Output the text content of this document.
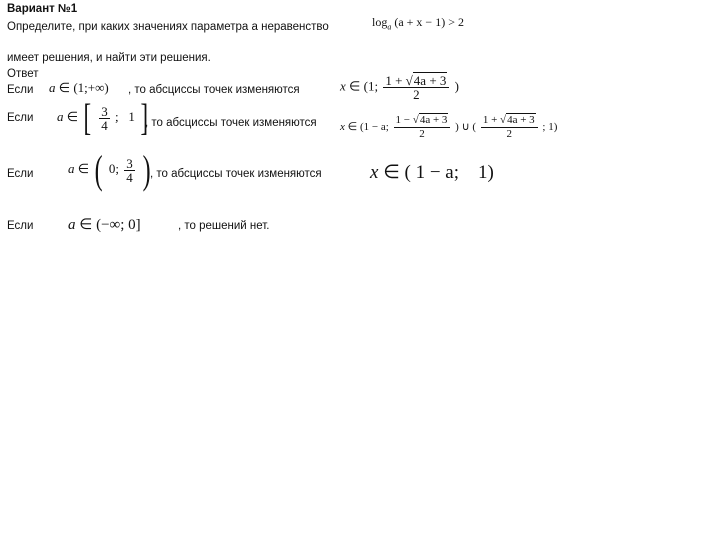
Вариант №1
Определите, при каких значениях параметра а неравенство	$\log_a (a + x - 1) > 2$
имеет решения, и найти эти решения.
Ответ
Если a ∈ (1;+∞) , то абсциссы точек изменяются	x ∈ (1; $\frac{1 + √4a + 3}{2}$ )
Если a ∈ [ $\frac{3}{4}$ ; 1 ]
, то абсциссы точек изменяются x ∈ (1 − a; $\frac{1 - √4a + 3}{2}$ ) ∪ ( $\frac{1 + √4a + 3}{2}$ ; 1)
Если	a ∈ ( 0; $\frac{3}{4}$ ) , то абсциссы точек изменяются	x ∈ ( 1 − a; 1)
Если a ∈ (−∞; 0]	, то решений нет.
